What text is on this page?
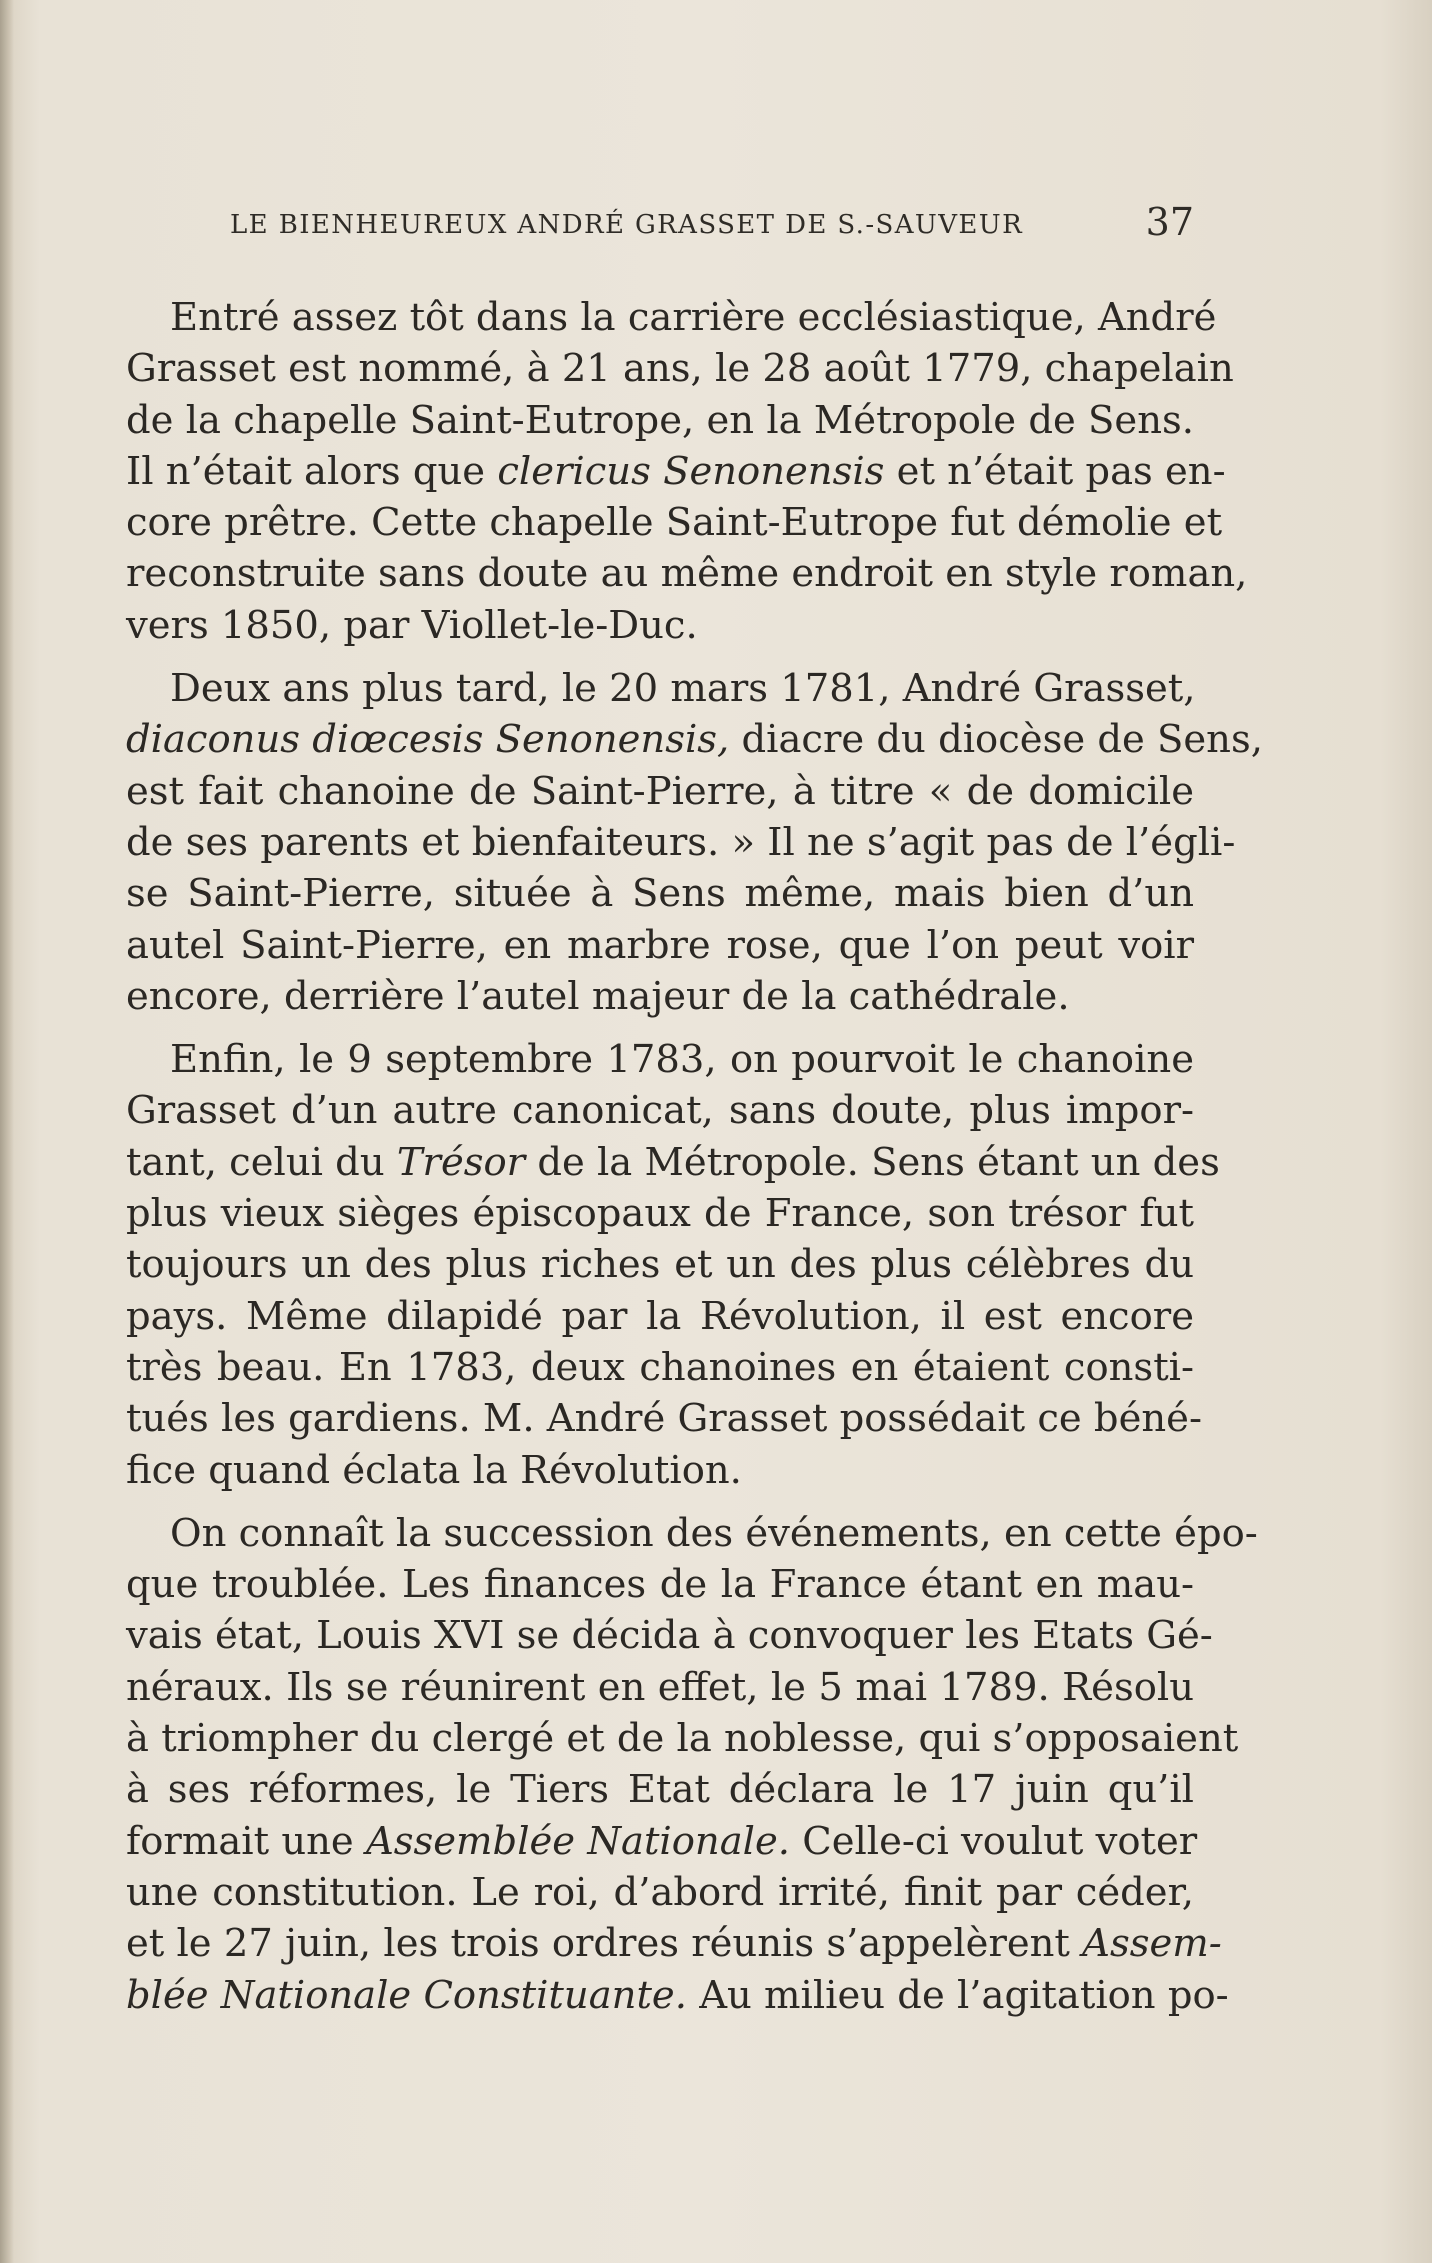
LE BIENHEUREUX ANDRÉ GRASSET DE S.-SAUVEUR	37
Entré assez tôt dans la carrière ecclésiastique, André
Grasset est nommé, à 21 ans, le 28 août 1779, chapelain
de la chapelle Saint-Eutrope, en la Métropole de Sens.
Il n’était alors que clericus Senonensis et n’était pas en-
core prêtre. Cette chapelle Saint-Eutrope fut démolie et
reconstruite sans doute au même endroit en style roman,
vers 1850, par Viollet-le-Duc.
Deux ans plus tard, le 20 mars 1781, André Grasset,
diaconus diœcesis Senonensis, diacre du diocèse de Sens,
est fait chanoine de Saint-Pierre, à titre « de domicile
de ses parents et bienfaiteurs. » Il ne s’agit pas de l’égli-
se Saint-Pierre, située à Sens même, mais bien d’un
autel Saint-Pierre, en marbre rose, que l’on peut voir
encore, derrière l’autel majeur de la cathédrale.
Enfin, le 9 septembre 1783, on pourvoit le chanoine
Grasset d’un autre canonicat, sans doute, plus impor-
tant, celui du Trésor de la Métropole. Sens étant un des
plus vieux sièges épiscopaux de France, son trésor fut
toujours un des plus riches et un des plus célèbres du
pays. Même dilapidé par la Révolution, il est encore
très beau. En 1783, deux chanoines en étaient consti-
tués les gardiens. M. André Grasset possédait ce béné-
fice quand éclata la Révolution.
On connaît la succession des événements, en cette épo-
que troublée. Les finances de la France étant en mau-
vais état, Louis XVI se décida à convoquer les Etats Gé-
néraux. Ils se réunirent en effet, le 5 mai 1789. Résolu
à triompher du clergé et de la noblesse, qui s’opposaient
à ses réformes, le Tiers Etat déclara le 17 juin qu’il
formait une Assemblée Nationale. Celle-ci voulut voter
une constitution. Le roi, d’abord irrité, finit par céder,
et le 27 juin, les trois ordres réunis s’appelèrent Assem-
blée Nationale Constituante. Au milieu de l’agitation po-
